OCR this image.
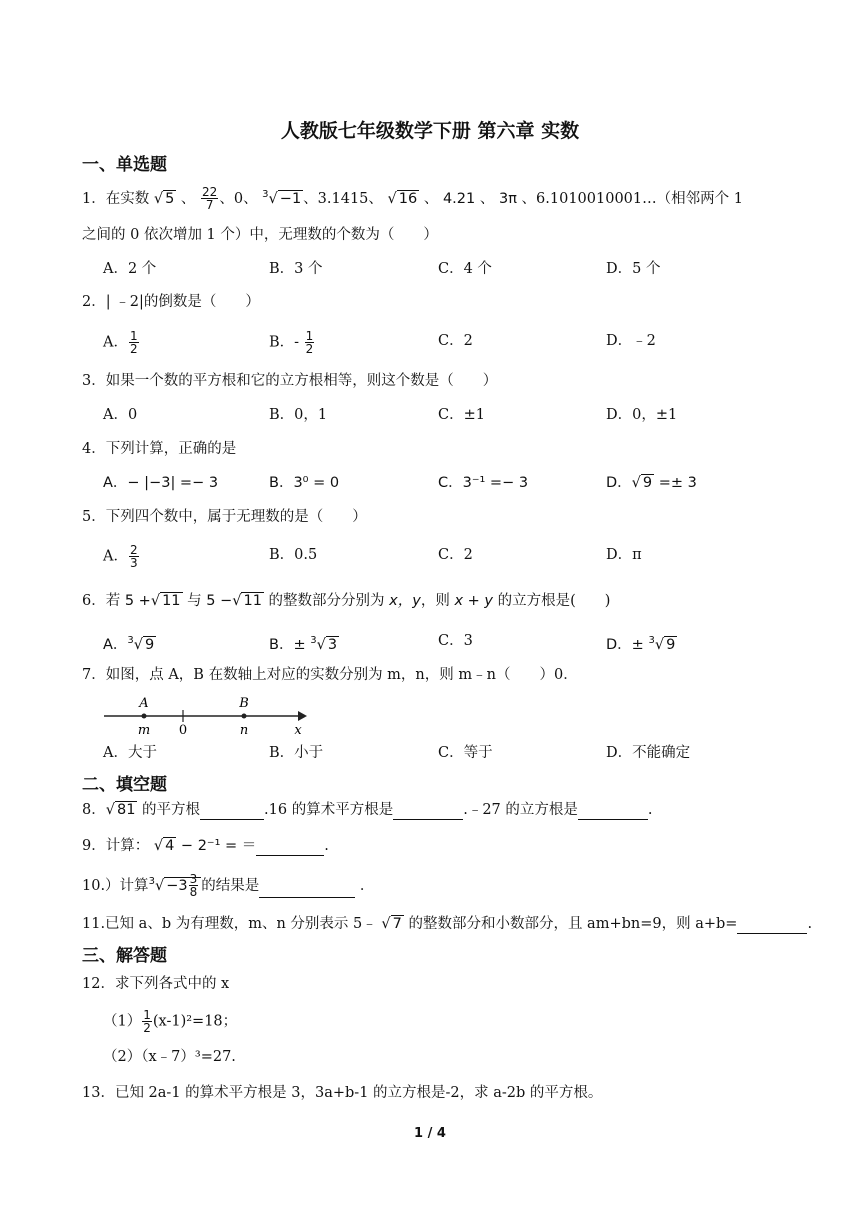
人教版七年级数学下册 第六章 实数
一、单选题
1．在实数 √ 5 、 $\frac{22}{7}$ 、0、 $^3$√ −1 、3.1415、 √ 16 、 4.21 、 3π 、6.1010010001…（相邻两个 1
之间的 0 依次增加 1 个）中，无理数的个数为（　　）
A．2 个	B．3 个	C．4 个	D．5 个
2．| ﹣2|的倒数是（　　）
A． $\frac{1}{2}$	B．- $\frac{1}{2}$	C．2	D．﹣2
3．如果一个数的平方根和它的立方根相等，则这个数是（　　）
A．0	B．0，1	C．±1	D．0，±1
4．下列计算，正确的是
A．− |−3| =− 3	B．3⁰ = 0	C．3⁻¹ =− 3	D．√ 9 =± 3
5．下列四个数中，属于无理数的是（　　）
A． $\frac{2}{3}$	B．0.5	C．2	D．π
6．若 5 +√ 11 与 5 −√ 11 的整数部分分别为 x，y，则 x + y 的立方根是(　　)
A．$^3$√ 9	B．± $^3$√ 3	C．3	D．± $^3$√ 9
7．如图，点 A，B 在数轴上对应的实数分别为 m，n，则 m﹣n（　　）0．
A	B
m	n
0	x
A．大于	B．小于	C．等于	D．不能确定
二、填空题
8．√ 81 的平方根	.16 的算术平方根是	.﹣27 的立方根是	.
9．计算： √ 4 − 2⁻¹ = ＝	.
10.）计算$^3√ -3 \frac{3}{8}$ 的结果是	．
11.已知 a、b 为有理数，m、n 分别表示 5﹣ √ 7 的整数部分和小数部分，且 am+bn=9，则 a+b=	.
三、解答题
12．求下列各式中的 x
$(1) \frac{1}{2} (x-1)^2=18$；
（2）（x﹣7）³=27.
13．已知 2a-1 的算术平方根是 3，3a+b-1 的立方根是-2，求 a-2b 的平方根。
1 / 4
